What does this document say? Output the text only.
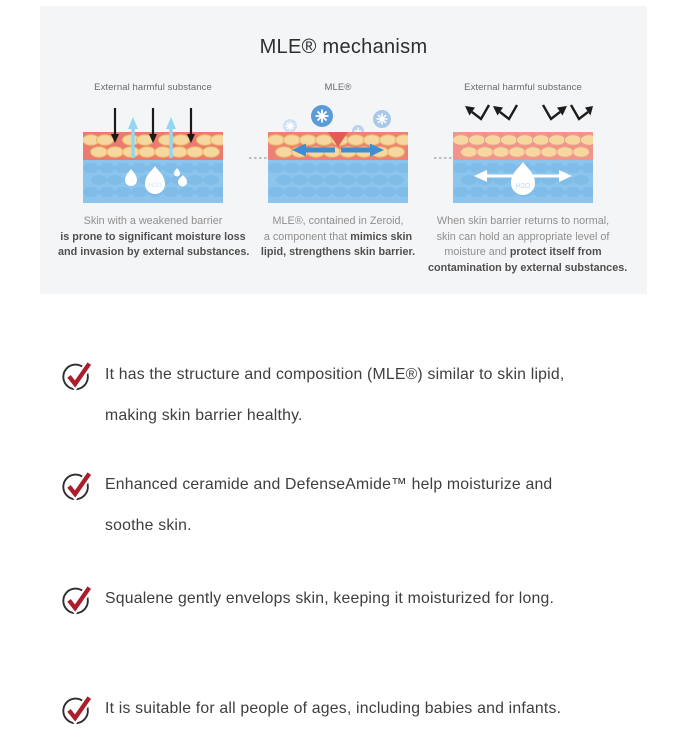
MLE® mechanism
External harmful substance
H2O
Skin with a weakened barrier
is prone to significant moisture loss
and invasion by external substances.
MLE®
MLE®, contained in Zeroid,
a component that mimics skin
lipid, strengthens skin barrier.
External harmful substance
H2O
When skin barrier returns to normal,
skin can hold an appropriate level of
moisture and protect itself from
contamination by external substances.
It has the structure and composition (MLE®) similar to skin lipid,
making skin barrier healthy.
Enhanced ceramide and DefenseAmide™ help moisturize and
soothe skin.
Squalene gently envelops skin, keeping it moisturized for long.
It is suitable for all people of ages, including babies and infants.
